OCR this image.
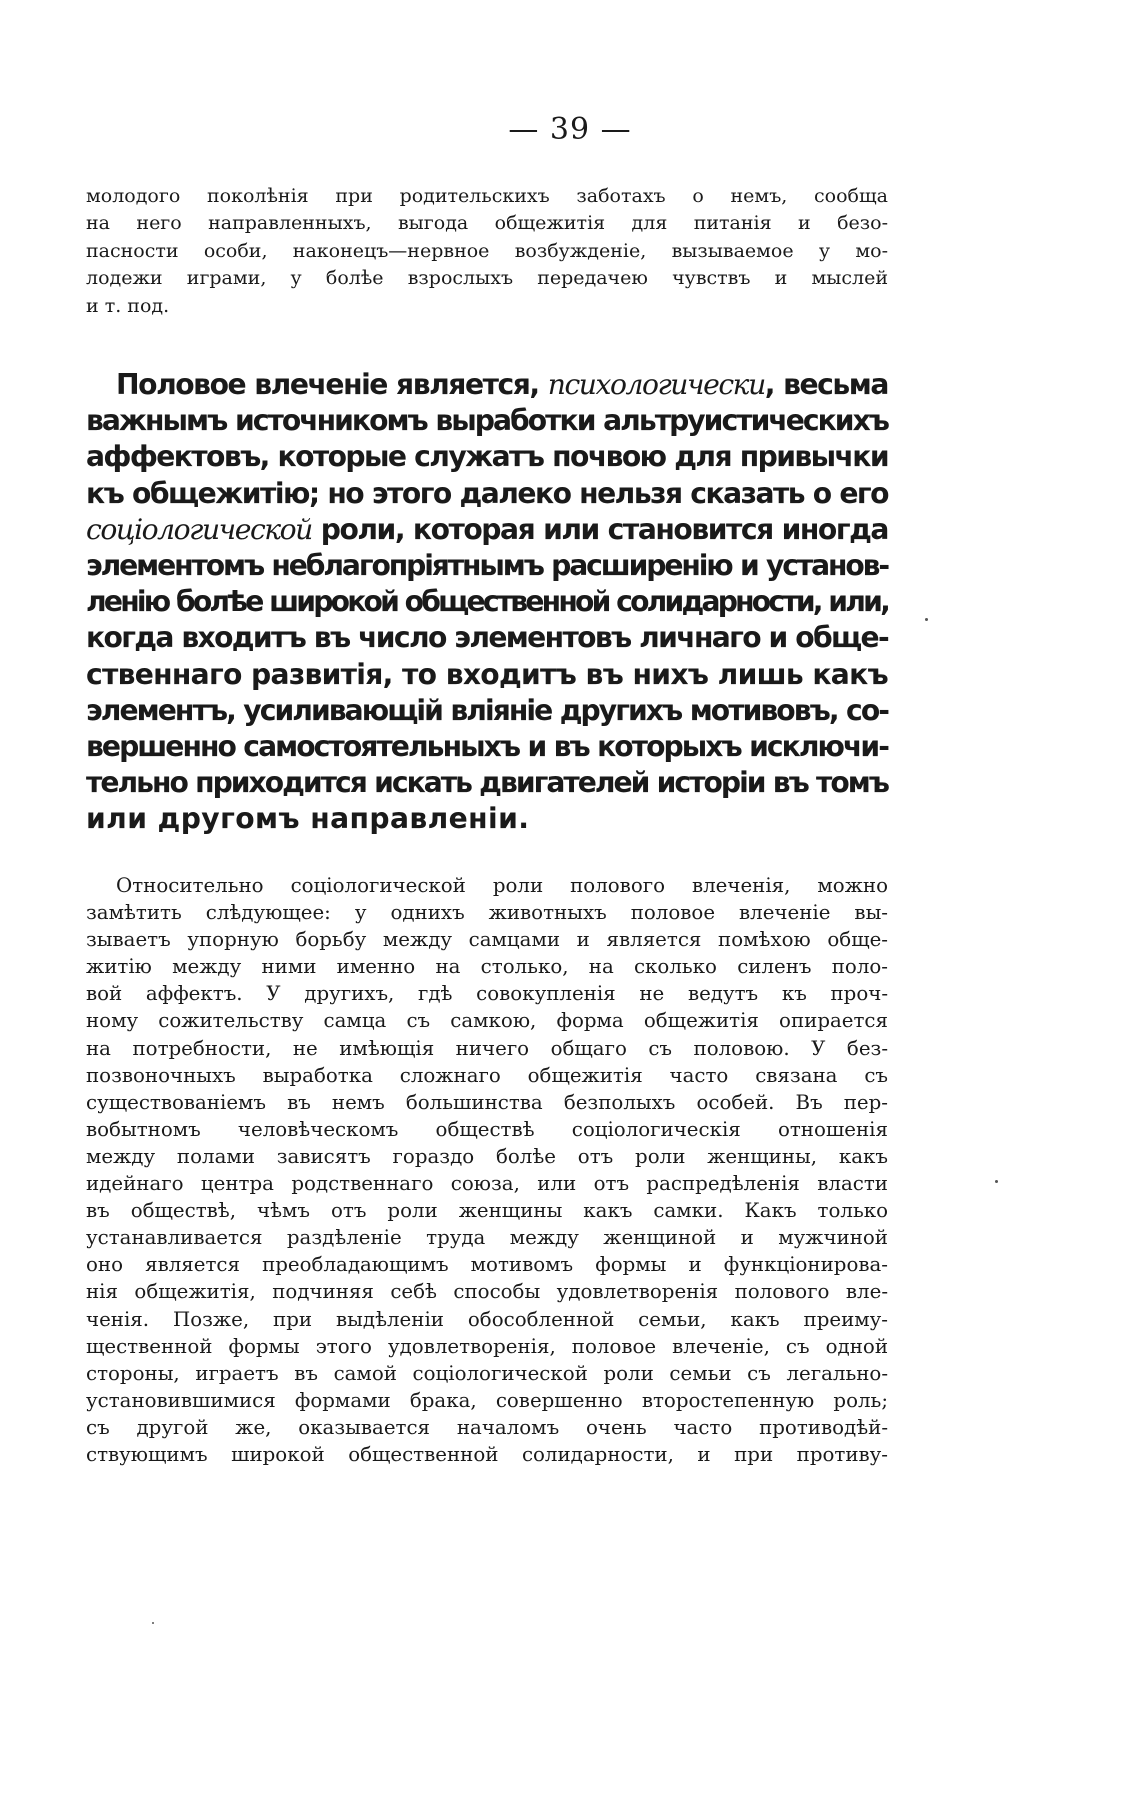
— 39 —
молодого поколѣнія при родительскихъ заботахъ о немъ, сообща
на него направленныхъ, выгода общежитія для питанія и безо-
пасности особи, наконецъ—нервное возбужденіе, вызываемое у мо-
лодежи играми, у болѣе взрослыхъ передачею чувствъ и мыслей
и т. под.
Половое влеченіе является, психологически, весьма
важнымъ источникомъ выработки альтруистическихъ
аффектовъ, которые служатъ почвою для привычки
къ общежитію; но этого далеко нельзя сказать о его
соціологической роли, которая или становится иногда
элементомъ неблагопріятнымъ расширенію и установ-
ленію болѣе широкой общественной солидарности, или,
когда входитъ въ число элементовъ личнаго и обще-
ственнаго развитія, то входитъ въ нихъ лишь какъ
элементъ, усиливающій вліяніе другихъ мотивовъ, со-
вершенно самостоятельныхъ и въ которыхъ исключи-
тельно приходится искать двигателей исторіи въ томъ
или другомъ направленіи.
Относительно соціологической роли полового влеченія, можно
замѣтить слѣдующее: у однихъ животныхъ половое влеченіе вы-
зываетъ упорную борьбу между самцами и является помѣхою обще-
житію между ними именно на столько, на сколько силенъ поло-
вой аффектъ. У другихъ, гдѣ совокупленія не ведутъ къ проч-
ному сожительству самца съ самкою, форма общежитія опирается
на потребности, не имѣющія ничего общаго съ половою. У без-
позвоночныхъ выработка сложнаго общежитія часто связана съ
существованіемъ въ немъ большинства безполыхъ особей. Въ пер-
вобытномъ человѣческомъ обществѣ соціологическія отношенія
между полами зависятъ гораздо болѣе отъ роли женщины, какъ
идейнаго центра родственнаго союза, или отъ распредѣленія власти
въ обществѣ, чѣмъ отъ роли женщины какъ самки. Какъ только
устанавливается раздѣленіе труда между женщиной и мужчиной
оно является преобладающимъ мотивомъ формы и функціонирова-
нія общежитія, подчиняя себѣ способы удовлетворенія полового вле-
ченія. Позже, при выдѣленіи обособленной семьи, какъ преиму-
щественной формы этого удовлетворенія, половое влеченіе, съ одной
стороны, играетъ въ самой соціологической роли семьи съ легально-
установившимися формами брака, совершенно второстепенную роль;
съ другой же, оказывается началомъ очень часто противодѣй-
ствующимъ широкой общественной солидарности, и при противу-
